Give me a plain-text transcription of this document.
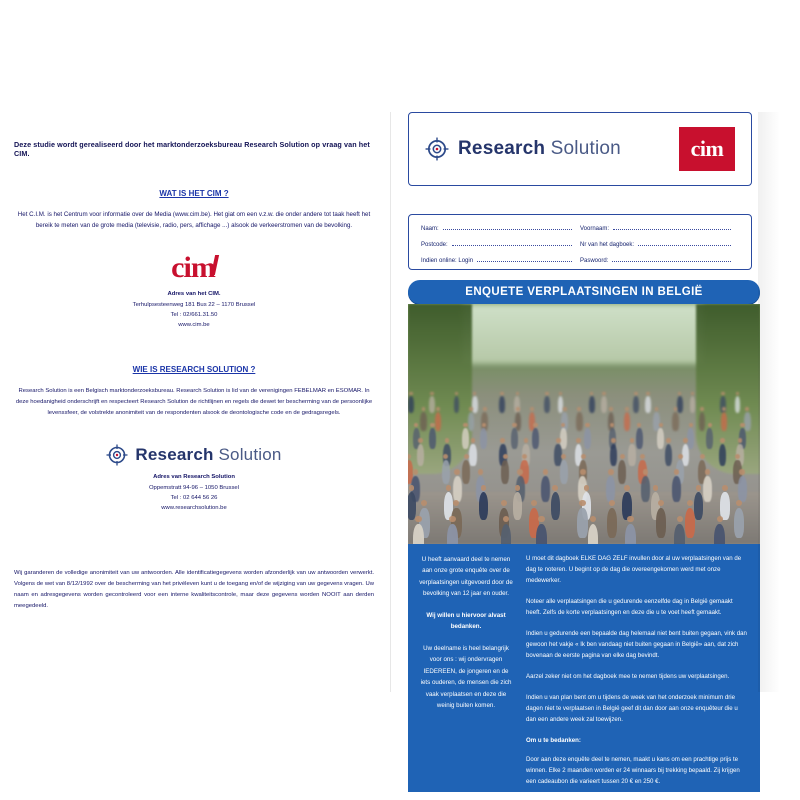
Deze studie wordt gerealiseerd door het marktonderzoeksbureau Research Solution op vraag van het CIM.
WAT IS HET CIM ?
Het C.I.M. is het Centrum voor informatie over de Media (www.cim.be). Het giat om een v.z.w. die onder andere tot taak heeft het bereik te meten van de grote media (televisie, radio, pers, affichage ...) alsook de verkeerstromen van de bevolking.
cim
Adres van het CIM.
Terhulpsesteenweg 181 Bus 22 – 1170 Brussel
Tel : 02/661.31.50
www.cim.be
WIE IS RESEARCH SOLUTION ?
Research Solution is een Belgisch marktonderzoeksbureau. Research Solution is lid van de verenigingen FEBELMAR en ESOMAR. In deze hoedanigheid onderschrijft en respecteert Research Solution de richtlijnen en regels die dewet ter bescherming van de persoonlijke levenssfeer, de volstrekte anonimiteit van de respondenten alsook de deontologische code en de gedragsregels.
Research Solution
Adres van Research Solution
Oppemstratt 94-96 – 1050 Brussel
Tel : 02 644 56 26
www.researchsolution.be
Wij garanderen de volledige anonimiteit van uw antwoorden. Alle identificatiegegevens worden afzonderlijk van uw antwoorden verwerkt. Volgens de wet van 8/12/1992 over de bescherming van het privéleven kunt u de toegang en/of de wijziging van uw gegevens vragen. Uw naam en adresgegevens worden gecontroleerd voor een interne kwaliteitscontrole, maar deze gegevens worden NOOIT aan derden meegedeeld.
Research Solution	cim
Naam:	Voornaam:
Postcode:	Nr van het dagboek:
Indien online: Login	Paswoord:
ENQUETE VERPLAATSINGEN IN BELGIË
U heeft aanvaard deel te nemen aan onze grote enquête over de verplaatsingen uitgevoerd door de bevolking van 12 jaar en ouder.
Wij willen u hiervoor alvast bedanken.
Uw deelname is heel belangrijk voor ons : wij ondervragen IEDEREEN, de jongeren en de iets ouderen, de mensen die zich vaak verplaatsen en deze die weinig buiten komen.

U moet dit dagboek ELKE DAG ZELF invullen door al uw verplaatsingen van de dag te noteren. U begint op de dag die overeengekomen werd met onze medewerker.

Noteer alle verplaatsingen die u gedurende eenzelfde dag in België gemaakt heeft. Zelfs de korte verplaatsingen en deze die u te voet heeft gemaakt.

Indien u gedurende een bepaalde dag helemaal niet bent buiten gegaan, vink dan gewoon het vakje « Ik ben vandaag niet buiten gegaan in België» aan, dat zich bovenaan de eerste pagina van elke dag bevindt.

Aarzel zeker niet om het dagboek mee te nemen tijdens uw verplaatsingen.

Indien u van plan bent om u tijdens de week van het onderzoek minimum drie dagen niet te verplaatsen in België geef dit dan door aan onze enquêteur die u dan een andere week zal toewijzen.

Om u te bedanken:

Door aan deze enquête deel te nemen, maakt u kans om een prachtige prijs te winnen. Elke 2 maanden worden er 24 winnaars bij trekking bepaald. Zij krijgen een cadeaubon die varieert tussen 20 € en 250 €.
